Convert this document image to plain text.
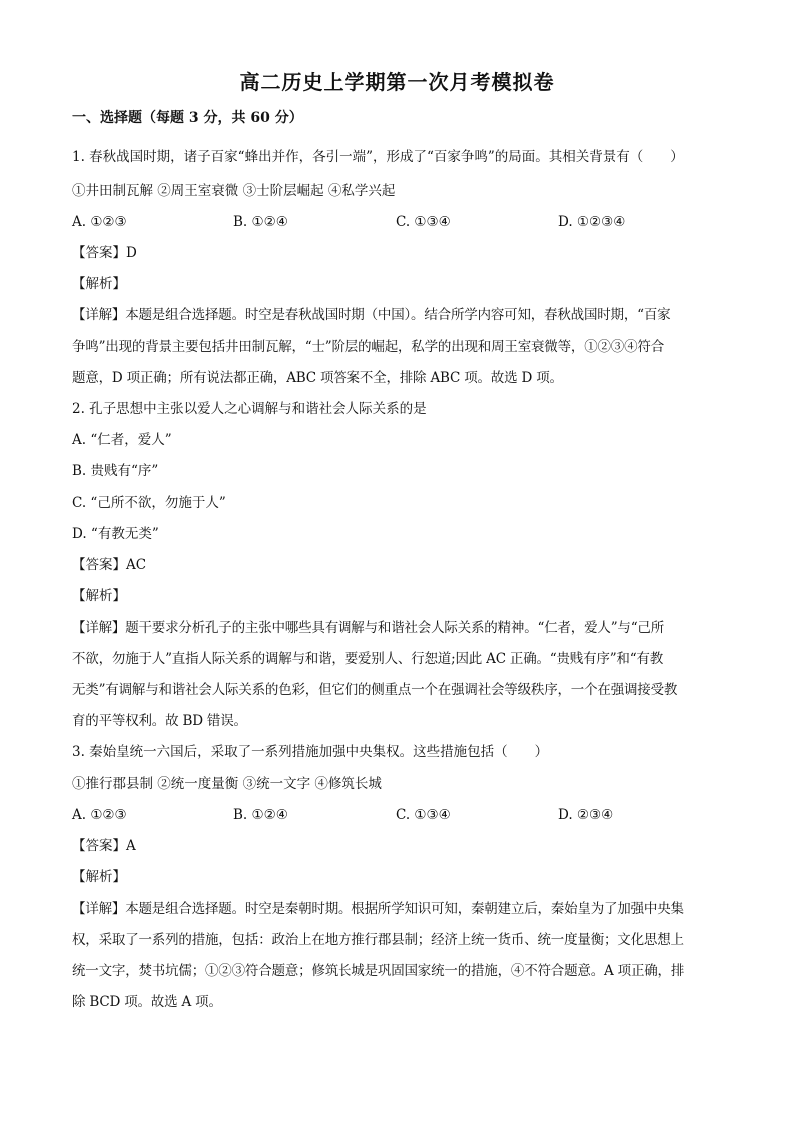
高二历史上学期第一次月考模拟卷
一、选择题（每题 3 分，共 60 分）
1. 春秋战国时期，诸子百家“蜂出并作，各引一端”，形成了“百家争鸣”的局面。其相关背景有（　　）
①井田制瓦解 ②周王室衰微 ③士阶层崛起 ④私学兴起
A. ①②③	B. ①②④	C. ①③④	D. ①②③④
【答案】D
【解析】
【详解】本题是组合选择题。时空是春秋战国时期（中国）。结合所学内容可知，春秋战国时期，“百家
争鸣”出现的背景主要包括井田制瓦解，“士”阶层的崛起，私学的出现和周王室衰微等，①②③④符合
题意，D 项正确；所有说法都正确，ABC 项答案不全，排除 ABC 项。故选 D 项。
2. 孔子思想中主张以爱人之心调解与和谐社会人际关系的是
A. “仁者，爱人”
B. 贵贱有“序”
C. “己所不欲，勿施于人”
D. “有教无类”
【答案】AC
【解析】
【详解】题干要求分析孔子的主张中哪些具有调解与和谐社会人际关系的精神。“仁者，爱人”与“己所
不欲，勿施于人”直指人际关系的调解与和谐，要爱别人、行恕道;因此 AC 正确。“贵贱有序”和“有教
无类”有调解与和谐社会人际关系的色彩，但它们的侧重点一个在强调社会等级秩序，一个在强调接受教
育的平等权利。故 BD 错误。
3. 秦始皇统一六国后，采取了一系列措施加强中央集权。这些措施包括（　　）
①推行郡县制 ②统一度量衡 ③统一文字 ④修筑长城
A. ①②③	B. ①②④	C. ①③④	D. ②③④
【答案】A
【解析】
【详解】本题是组合选择题。时空是秦朝时期。根据所学知识可知，秦朝建立后，秦始皇为了加强中央集
权，采取了一系列的措施，包括：政治上在地方推行郡县制；经济上统一货币、统一度量衡；文化思想上
统一文字，焚书坑儒；①②③符合题意；修筑长城是巩固国家统一的措施，④不符合题意。A 项正确，排
除 BCD 项。故选 A 项。
